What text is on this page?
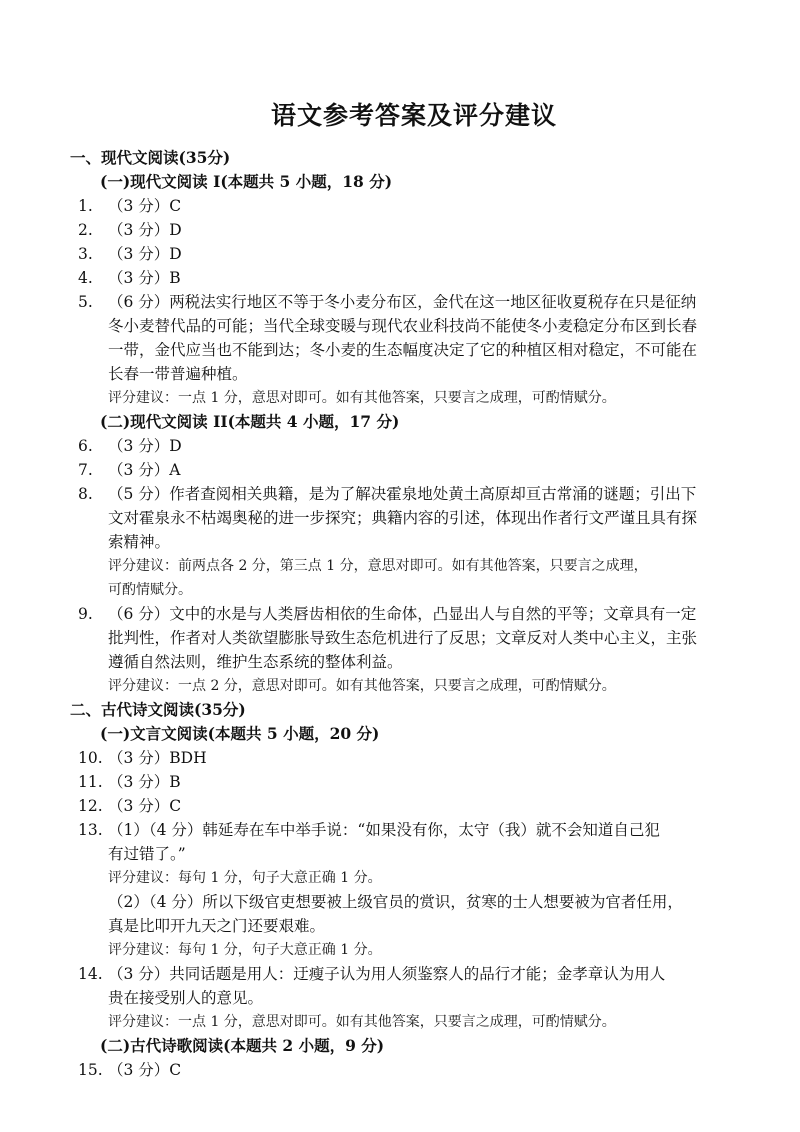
语文参考答案及评分建议
一、现代文阅读(35分)
(一)现代文阅读 I(本题共 5 小题，18 分)
1. （3 分）C
2. （3 分）D
3. （3 分）D
4. （3 分）B
5. （6 分）两税法实行地区不等于冬小麦分布区，金代在这一地区征收夏税存在只是征纳
冬小麦替代品的可能；当代全球变暖与现代农业科技尚不能使冬小麦稳定分布区到长春
一带，金代应当也不能到达；冬小麦的生态幅度决定了它的种植区相对稳定，不可能在
长春一带普遍种植。
评分建议：一点 1 分，意思对即可。如有其他答案，只要言之成理，可酌情赋分。
(二)现代文阅读 II(本题共 4 小题，17 分)
6. （3 分）D
7. （3 分）A
8. （5 分）作者查阅相关典籍，是为了解决霍泉地处黄土高原却亘古常涌的谜题；引出下
文对霍泉永不枯竭奥秘的进一步探究；典籍内容的引述，体现出作者行文严谨且具有探
索精神。
评分建议：前两点各 2 分，第三点 1 分，意思对即可。如有其他答案，只要言之成理，
可酌情赋分。
9. （6 分）文中的水是与人类唇齿相依的生命体，凸显出人与自然的平等；文章具有一定
批判性，作者对人类欲望膨胀导致生态危机进行了反思；文章反对人类中心主义，主张
遵循自然法则，维护生态系统的整体利益。
评分建议：一点 2 分，意思对即可。如有其他答案，只要言之成理，可酌情赋分。
二、古代诗文阅读(35分)
(一)文言文阅读(本题共 5 小题，20 分)
10. （3 分）BDH
11. （3 分）B
12. （3 分）C
13. （1）（4 分）韩延寿在车中举手说：“如果没有你，太守（我）就不会知道自己犯
有过错了。”
评分建议：每句 1 分，句子大意正确 1 分。
（2）（4 分）所以下级官吏想要被上级官员的赏识，贫寒的士人想要被为官者任用，
真是比叩开九天之门还要艰难。
评分建议：每句 1 分，句子大意正确 1 分。
14. （3 分）共同话题是用人：迂瘦子认为用人须鉴察人的品行才能；金孝章认为用人
贵在接受别人的意见。
评分建议：一点 1 分，意思对即可。如有其他答案，只要言之成理，可酌情赋分。
(二)古代诗歌阅读(本题共 2 小题，9 分)
15. （3 分）C
